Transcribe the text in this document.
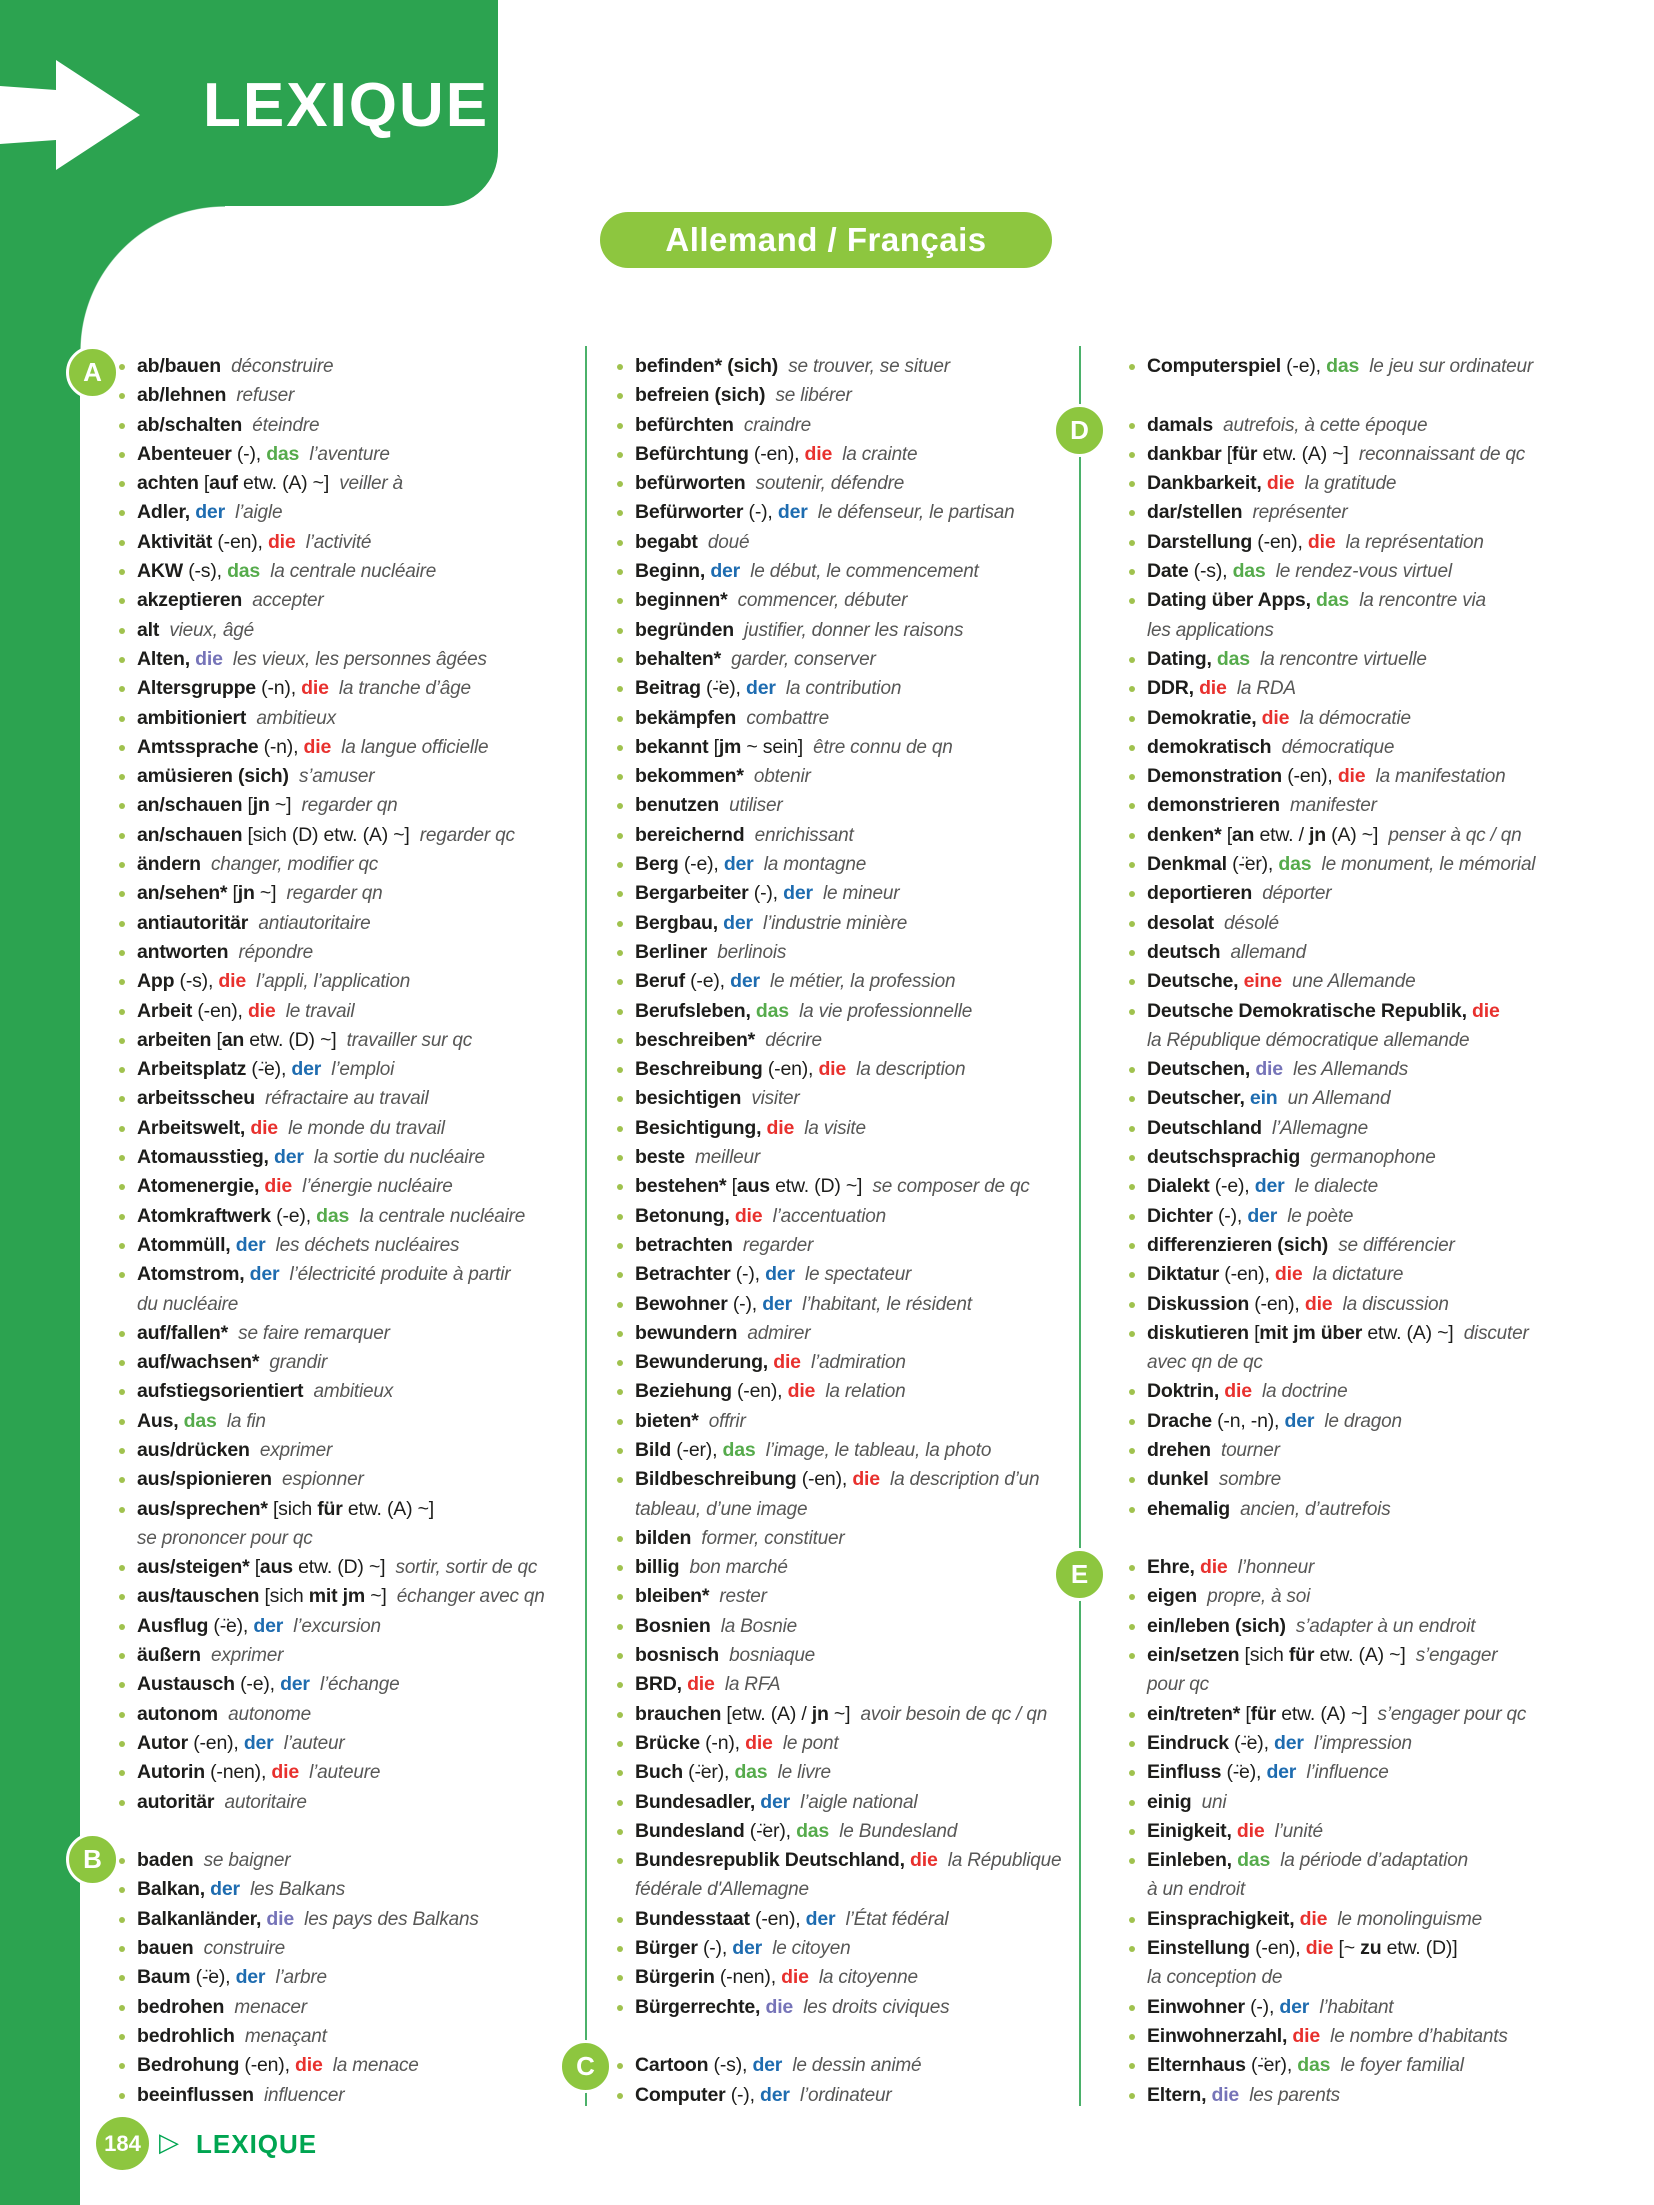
LEXIQUE
Allemand / Français
ab/bauen  déconstruire
ab/lehnen  refuser
ab/schalten  éteindre
Abenteuer (-), das  l’aventure
achten [auf etw. (A) ~]  veiller à
Adler, der  l’aigle
Aktivität (-en), die  l’activité
AKW (-s), das  la centrale nucléaire
akzeptieren  accepter
alt  vieux, âgé
Alten, die  les vieux, les personnes âgées
Altersgruppe (-n), die  la tranche d’âge
ambitioniert  ambitieux
Amtssprache (-n), die  la langue officielle
amüsieren (sich)  s’amuser
an/schauen [jn ~]  regarder qn
an/schauen [sich (D) etw. (A) ~]  regarder qc
ändern  changer, modifier qc
an/sehen* [jn ~]  regarder qn
antiautoritär  antiautoritaire
antworten  répondre
App (-s), die  l’appli, l’application
Arbeit (-en), die  le travail
arbeiten [an etw. (D) ~]  travailler sur qc
Arbeitsplatz (-̈e), der  l’emploi
arbeitsscheu  réfractaire au travail
Arbeitswelt, die  le monde du travail
Atomausstieg, der  la sortie du nucléaire
Atomenergie, die  l’énergie nucléaire
Atomkraftwerk (-e), das  la centrale nucléaire
Atommüll, der  les déchets nucléaires
Atomstrom, der  l’électricité produite à partir
du nucléaire
auf/fallen*  se faire remarquer
auf/wachsen*  grandir
aufstiegsorientiert  ambitieux
Aus, das  la fin
aus/drücken  exprimer
aus/spionieren  espionner
aus/sprechen* [sich für etw. (A) ~]
se prononcer pour qc
aus/steigen* [aus etw. (D) ~]  sortir, sortir de qc
aus/tauschen [sich mit jm ~]  échanger avec qn
Ausflug (-̈e), der  l’excursion
äußern  exprimer
Austausch (-e), der  l’échange
autonom  autonome
Autor (-en), der  l’auteur
Autorin (-nen), die  l’auteure
autoritär  autoritaire
baden  se baigner
Balkan, der  les Balkans
Balkanländer, die  les pays des Balkans
bauen  construire
Baum (-̈e), der  l’arbre
bedrohen  menacer
bedrohlich  menaçant
Bedrohung (-en), die  la menace
beeinflussen  influencer
befinden* (sich)  se trouver, se situer
befreien (sich)  se libérer
befürchten  craindre
Befürchtung (-en), die  la crainte
befürworten  soutenir, défendre
Befürworter (-), der  le défenseur, le partisan
begabt  doué
Beginn, der  le début, le commencement
beginnen*  commencer, débuter
begründen  justifier, donner les raisons
behalten*  garder, conserver
Beitrag (-̈e), der  la contribution
bekämpfen  combattre
bekannt [jm ~ sein]  être connu de qn
bekommen*  obtenir
benutzen  utiliser
bereichernd  enrichissant
Berg (-e), der  la montagne
Bergarbeiter (-), der  le mineur
Bergbau, der  l’industrie minière
Berliner  berlinois
Beruf (-e), der  le métier, la profession
Berufsleben, das  la vie professionnelle
beschreiben*  décrire
Beschreibung (-en), die  la description
besichtigen  visiter
Besichtigung, die  la visite
beste  meilleur
bestehen* [aus etw. (D) ~]  se composer de qc
Betonung, die  l’accentuation
betrachten  regarder
Betrachter (-), der  le spectateur
Bewohner (-), der  l’habitant, le résident
bewundern  admirer
Bewunderung, die  l’admiration
Beziehung (-en), die  la relation
bieten*  offrir
Bild (-er), das  l’image, le tableau, la photo
Bildbeschreibung (-en), die  la description d’un
tableau, d’une image
bilden  former, constituer
billig  bon marché
bleiben*  rester
Bosnien  la Bosnie
bosnisch  bosniaque
BRD, die  la RFA
brauchen [etw. (A) / jn ~]  avoir besoin de qc / qn
Brücke (-n), die  le pont
Buch (-̈er), das  le livre
Bundesadler, der  l’aigle national
Bundesland (-̈er), das  le Bundesland
Bundesrepublik Deutschland, die  la République
fédérale d'Allemagne
Bundesstaat (-en), der  l’État fédéral
Bürger (-), der  le citoyen
Bürgerin (-nen), die  la citoyenne
Bürgerrechte, die  les droits civiques
Cartoon (-s), der  le dessin animé
Computer (-), der  l’ordinateur
Computerspiel (-e), das  le jeu sur ordinateur
damals  autrefois, à cette époque
dankbar [für etw. (A) ~]  reconnaissant de qc
Dankbarkeit, die  la gratitude
dar/stellen  représenter
Darstellung (-en), die  la représentation
Date (-s), das  le rendez-vous virtuel
Dating über Apps, das  la rencontre via
les applications
Dating, das  la rencontre virtuelle
DDR, die  la RDA
Demokratie, die  la démocratie
demokratisch  démocratique
Demonstration (-en), die  la manifestation
demonstrieren  manifester
denken* [an etw. / jn (A) ~]  penser à qc / qn
Denkmal (-̈er), das  le monument, le mémorial
deportieren  déporter
desolat  désolé
deutsch  allemand
Deutsche, eine  une Allemande
Deutsche Demokratische Republik, die
la République démocratique allemande
Deutschen, die  les Allemands
Deutscher, ein  un Allemand
Deutschland  l’Allemagne
deutschsprachig  germanophone
Dialekt (-e), der  le dialecte
Dichter (-), der  le poète
differenzieren (sich)  se différencier
Diktatur (-en), die  la dictature
Diskussion (-en), die  la discussion
diskutieren [mit jm über etw. (A) ~]  discuter
avec qn de qc
Doktrin, die  la doctrine
Drache (-n, -n), der  le dragon
drehen  tourner
dunkel  sombre
ehemalig  ancien, d’autrefois
Ehre, die  l’honneur
eigen  propre, à soi
ein/leben (sich)  s’adapter à un endroit
ein/setzen [sich für etw. (A) ~]  s’engager
pour qc
ein/treten* [für etw. (A) ~]  s’engager pour qc
Eindruck (-̈e), der  l’impression
Einfluss (-̈e), der  l’influence
einig  uni
Einigkeit, die  l’unité
Einleben, das  la période d’adaptation
à un endroit
Einsprachigkeit, die  le monolinguisme
Einstellung (-en), die [~ zu etw. (D)]
la conception de
Einwohner (-), der  l’habitant
Einwohnerzahl, die  le nombre d’habitants
Elternhaus (-̈er), das  le foyer familial
Eltern, die  les parents
184 ▷ LEXIQUE
A
B
C
D
E
